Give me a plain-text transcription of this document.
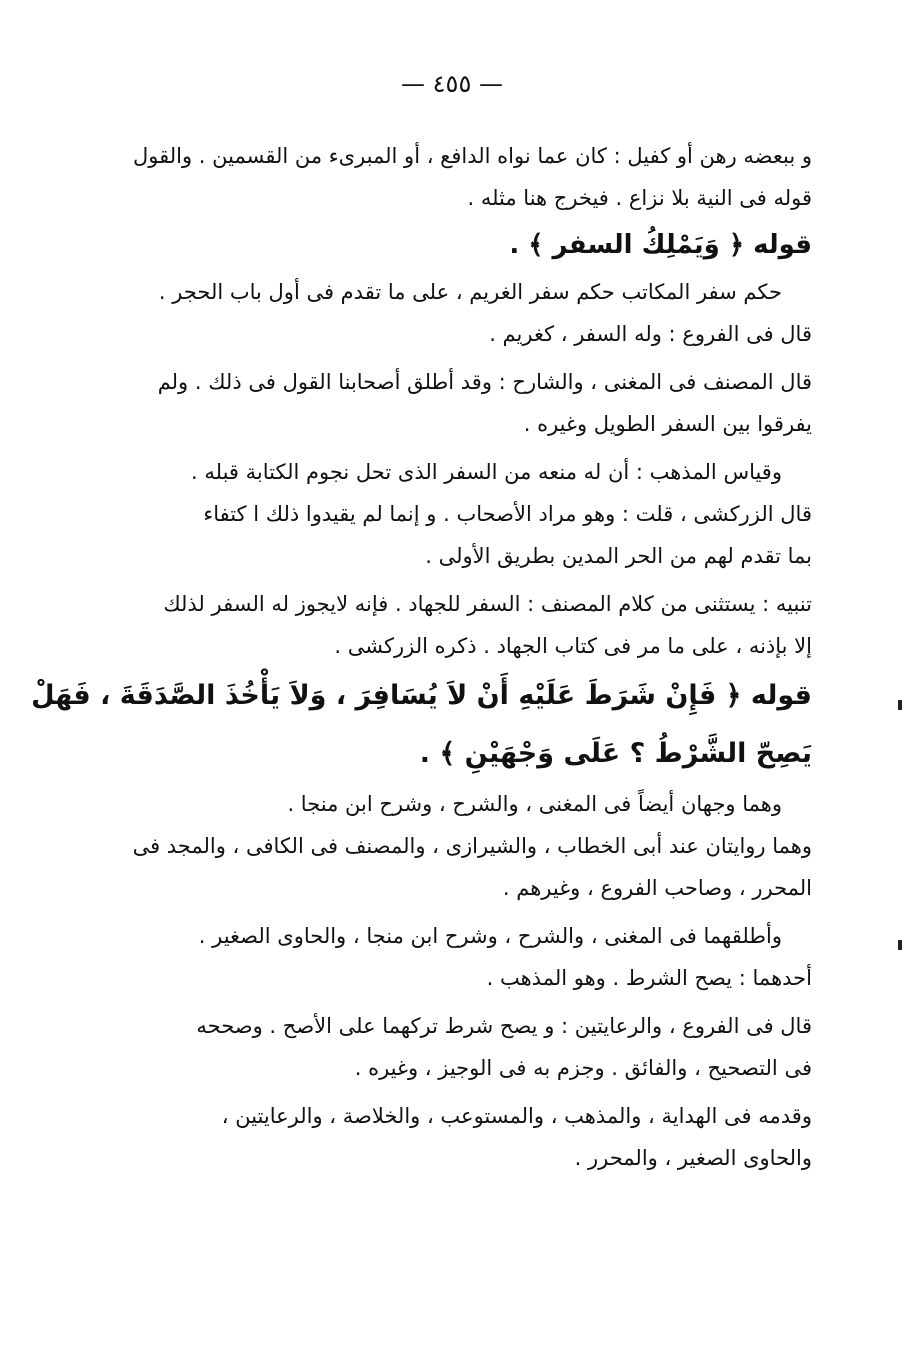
— ٤٥٥ —

و ببعضه رهن أو كفيل : كان عما نواه الدافع ، أو المبرىء من القسمين . والقول

قوله فى النية بلا نزاع . فيخرج هنا مثله .

قوله ﴿ وَيَمْلِكُ السفر ﴾ .

حكم سفر المكاتب حكم سفر الغريم ، على ما تقدم فى أول باب الحجر .

قال فى الفروع : وله السفر ، كغريم .

قال المصنف فى المغنى ، والشارح : وقد أطلق أصحابنا القول فى ذلك . ولم

يفرقوا بين السفر الطويل وغيره .

وقياس المذهب : أن له منعه من السفر الذى تحل نجوم الكتابة قبله .

قال الزركشى ، قلت : وهو مراد الأصحاب . و إنما لم يقيدوا ذلك ا كتفاء

بما تقدم لهم من الحر المدين بطريق الأولى .

تنبيه : يستثنى من كلام المصنف : السفر للجهاد . فإنه لايجوز له السفر لذلك

إلا بإذنه ، على ما مر فى كتاب الجهاد . ذكره الزركشى .

قوله ﴿ فَإِنْ شَرَطَ عَلَيْهِ أَنْ لاَ يُسَافِرَ ، وَلاَ يَأْخُذَ الصَّدَقَةَ ، فَهَلْ

يَصِحّ الشَّرْطُ ؟ عَلَى وَجْهَيْنِ ﴾ .

وهما وجهان أيضاً فى المغنى ، والشرح ، وشرح ابن منجا .

وهما روايتان عند أبى الخطاب ، والشيرازى ، والمصنف فى الكافى ، والمجد فى

المحرر ، وصاحب الفروع ، وغيرهم .

وأطلقهما فى المغنى ، والشرح ، وشرح ابن منجا ، والحاوى الصغير .

أحدهما : يصح الشرط . وهو المذهب .

قال فى الفروع ، والرعايتين : و يصح شرط تركهما على الأصح . وصححه

فى التصحيح ، والفائق . وجزم به فى الوجيز ، وغيره .

وقدمه فى الهداية ، والمذهب ، والمستوعب ، والخلاصة ، والرعايتين ،

والحاوى الصغير ، والمحرر .
